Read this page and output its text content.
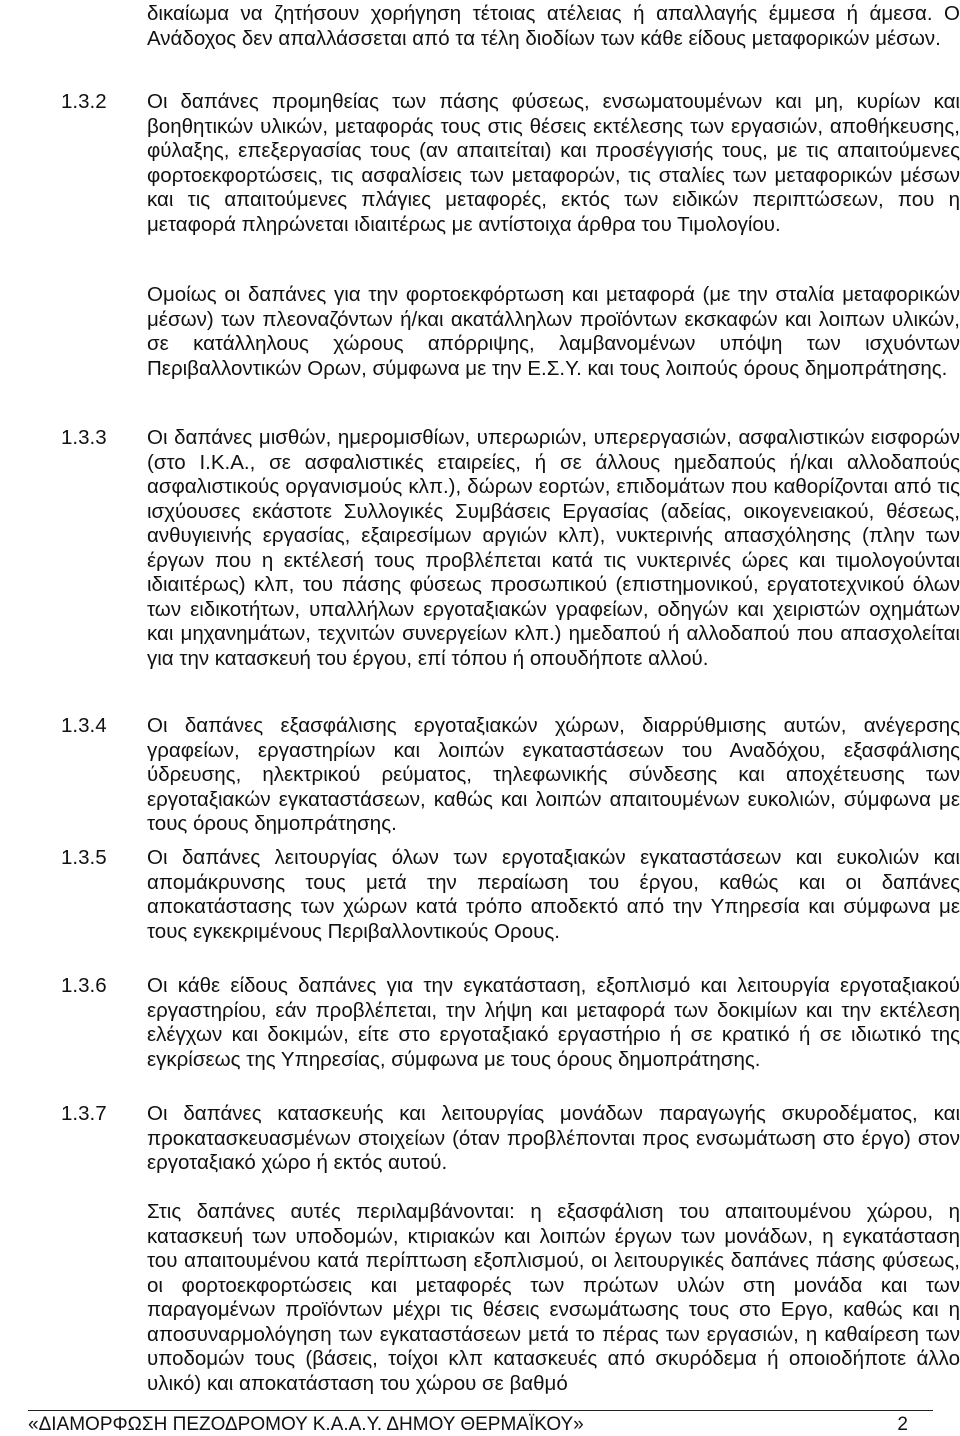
δικαίωμα να ζητήσουν χορήγηση τέτοιας ατέλειας ή απαλλαγής έμμεσα ή άμεσα. Ο Ανάδοχος δεν απαλλάσσεται από τα τέλη διοδίων των κάθε είδους μεταφορικών μέσων.

1.3.2 Οι δαπάνες προμηθείας των πάσης φύσεως, ενσωματουμένων και μη, κυρίων και βοηθητικών υλικών, μεταφοράς τους στις θέσεις εκτέλεσης των εργασιών, αποθήκευσης, φύλαξης, επεξεργασίας τους (αν απαιτείται) και προσέγγισής τους, με τις απαιτούμενες φορτοεκφορτώσεις, τις ασφαλίσεις των μεταφορών, τις σταλίες των μεταφορικών μέσων και τις απαιτούμενες πλάγιες μεταφορές, εκτός των ειδικών περιπτώσεων, που η μεταφορά πληρώνεται ιδιαιτέρως με αντίστοιχα άρθρα του Τιμολογίου.

Ομοίως οι δαπάνες για την φορτοεκφόρτωση και μεταφορά (με την σταλία μεταφορικών μέσων) των πλεοναζόντων ή/και ακατάλληλων προϊόντων εκσκαφών και λοιπων υλικών, σε κατάλληλους χώρους απόρριψης, λαμβανομένων υπόψη των ισχυόντων Περιβαλλοντικών Ορων, σύμφωνα με την Ε.Σ.Υ. και τους λοιπούς όρους δημοπράτησης.

1.3.3 Οι δαπάνες μισθών, ημερομισθίων, υπερωριών, υπερεργασιών, ασφαλιστικών εισφορών (στο Ι.Κ.Α., σε ασφαλιστικές εταιρείες, ή σε άλλους ημεδαπούς ή/και αλλοδαπούς ασφαλιστικούς οργανισμούς κλπ.), δώρων εορτών, επιδομάτων που καθορίζονται από τις ισχύουσες εκάστοτε Συλλογικές Συμβάσεις Εργασίας (αδείας, οικογενειακού, θέσεως, ανθυγιεινής εργασίας, εξαιρεσίμων αργιών κλπ), νυκτερινής απασχόλησης (πλην των έργων που η εκτέλεσή τους προβλέπεται κατά τις νυκτερινές ώρες και τιμολογούνται ιδιαιτέρως) κλπ, του πάσης φύσεως προσωπικού (επιστημονικού, εργατοτεχνικού όλων των ειδικοτήτων, υπαλλήλων εργοταξιακών γραφείων, οδηγών και χειριστών οχημάτων και μηχανημάτων, τεχνιτών συνεργείων κλπ.) ημεδαπού ή αλλοδαπού που απασχολείται για την κατασκευή του έργου, επί τόπου ή οπουδήποτε αλλού.

1.3.4 Οι δαπάνες εξασφάλισης εργοταξιακών χώρων, διαρρύθμισης αυτών, ανέγερσης γραφείων, εργαστηρίων και λοιπών εγκαταστάσεων του Αναδόχου, εξασφάλισης ύδρευσης, ηλεκτρικού ρεύματος, τηλεφωνικής σύνδεσης και αποχέτευσης των εργοταξιακών εγκαταστάσεων, καθώς και λοιπών απαιτουμένων ευκολιών, σύμφωνα με τους όρους δημοπράτησης.

1.3.5 Οι δαπάνες λειτουργίας όλων των εργοταξιακών εγκαταστάσεων και ευκολιών και απομάκρυνσης τους μετά την περαίωση του έργου, καθώς και οι δαπάνες αποκατάστασης των χώρων κατά τρόπο αποδεκτό από την Υπηρεσία και σύμφωνα με τους εγκεκριμένους Περιβαλλοντικούς Ορους.

1.3.6 Οι κάθε είδους δαπάνες για την εγκατάσταση, εξοπλισμό και λειτουργία εργοταξιακού εργαστηρίου, εάν προβλέπεται, την λήψη και μεταφορά των δοκιμίων και την εκτέλεση ελέγχων και δοκιμών, είτε στο εργοταξιακό εργαστήριο ή σε κρατικό ή σε ιδιωτικό της εγκρίσεως της Υπηρεσίας, σύμφωνα με τους όρους δημοπράτησης.

1.3.7 Οι δαπάνες κατασκευής και λειτουργίας μονάδων παραγωγής σκυροδέματος, και προκατασκευασμένων στοιχείων (όταν προβλέπονται προς ενσωμάτωση στο έργο) στον εργοταξιακό χώρο ή εκτός αυτού.

Στις δαπάνες αυτές περιλαμβάνονται: η εξασφάλιση του απαιτουμένου χώρου, η κατασκευή των υποδομών, κτιριακών και λοιπών έργων των μονάδων, η εγκατάσταση του απαιτουμένου κατά περίπτωση εξοπλισμού, οι λειτουργικές δαπάνες πάσης φύσεως, οι φορτοεκφορτώσεις και μεταφορές των πρώτων υλών στη μονάδα και των παραγομένων προϊόντων μέχρι τις θέσεις ενσωμάτωσης τους στο Εργο, καθώς και η αποσυναρμολόγηση των εγκαταστάσεων μετά το πέρας των εργασιών, η καθαίρεση των υποδομών τους (βάσεις, τοίχοι κλπ κατασκευές από σκυρόδεμα ή οποιοδήποτε άλλο υλικό) και αποκατάσταση του χώρου σε βαθμό

«ΔΙΑΜΟΡΦΩΣΗ ΠΕΖΟΔΡΟΜΟΥ Κ.Α.Α.Υ. ΔΗΜΟΥ ΘΕΡΜΑΪΚΟΥ»	2
